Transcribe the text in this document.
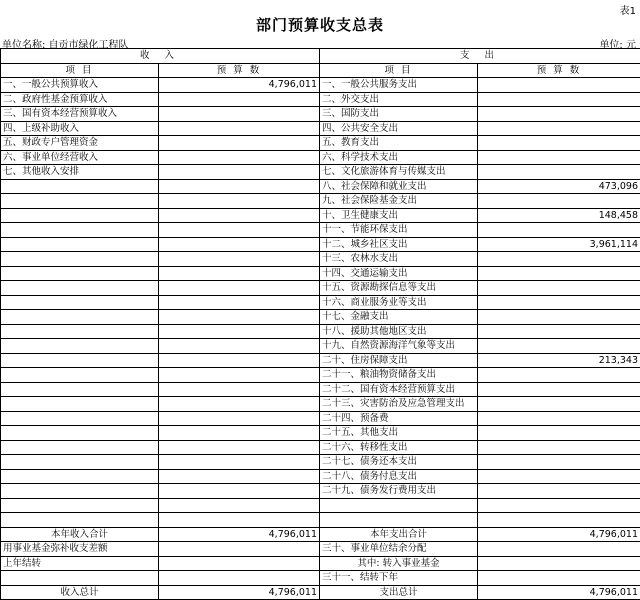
表1
部门预算收支总表
单位名称: 自贡市绿化工程队	单位: 元
收 入		支 出	
项 目	预 算 数	项 目	预 算 数
一、一般公共预算收入	4,796,011	一、一般公共服务支出	
二、政府性基金预算收入		二、外交支出	
三、国有资本经营预算收入		三、国防支出	
四、上级补助收入		四、公共安全支出	
五、财政专户管理资金		五、教育支出	
六、事业单位经营收入		六、科学技术支出	
七、其他收入安排		七、文化旅游体育与传媒支出	
		八、社会保障和就业支出	473,096
		九、社会保险基金支出	
		十、卫生健康支出	148,458
		十一、节能环保支出	
		十二、城乡社区支出	3,961,114
		十三、农林水支出	
		十四、交通运输支出	
		十五、资源勘探信息等支出	
		十六、商业服务业等支出	
		十七、金融支出	
		十八、援助其他地区支出	
		十九、自然资源海洋气象等支出	
		二十、住房保障支出	213,343
		二十一、粮油物资储备支出	
		二十二、国有资本经营预算支出	
		二十三、灾害防治及应急管理支出	
		二十四、预备费	
		二十五、其他支出	
		二十六、转移性支出	
		二十七、债务还本支出	
		二十八、债务付息支出	
		二十九、债务发行费用支出	

本年收入合计	4,796,011	本年支出合计	4,796,011
用事业基金弥补收支差额		三十、事业单位结余分配	
上年结转		其中: 转入事业基金	
		三十一、结转下年	
收入总计	4,796,011	支出总计	4,796,011
